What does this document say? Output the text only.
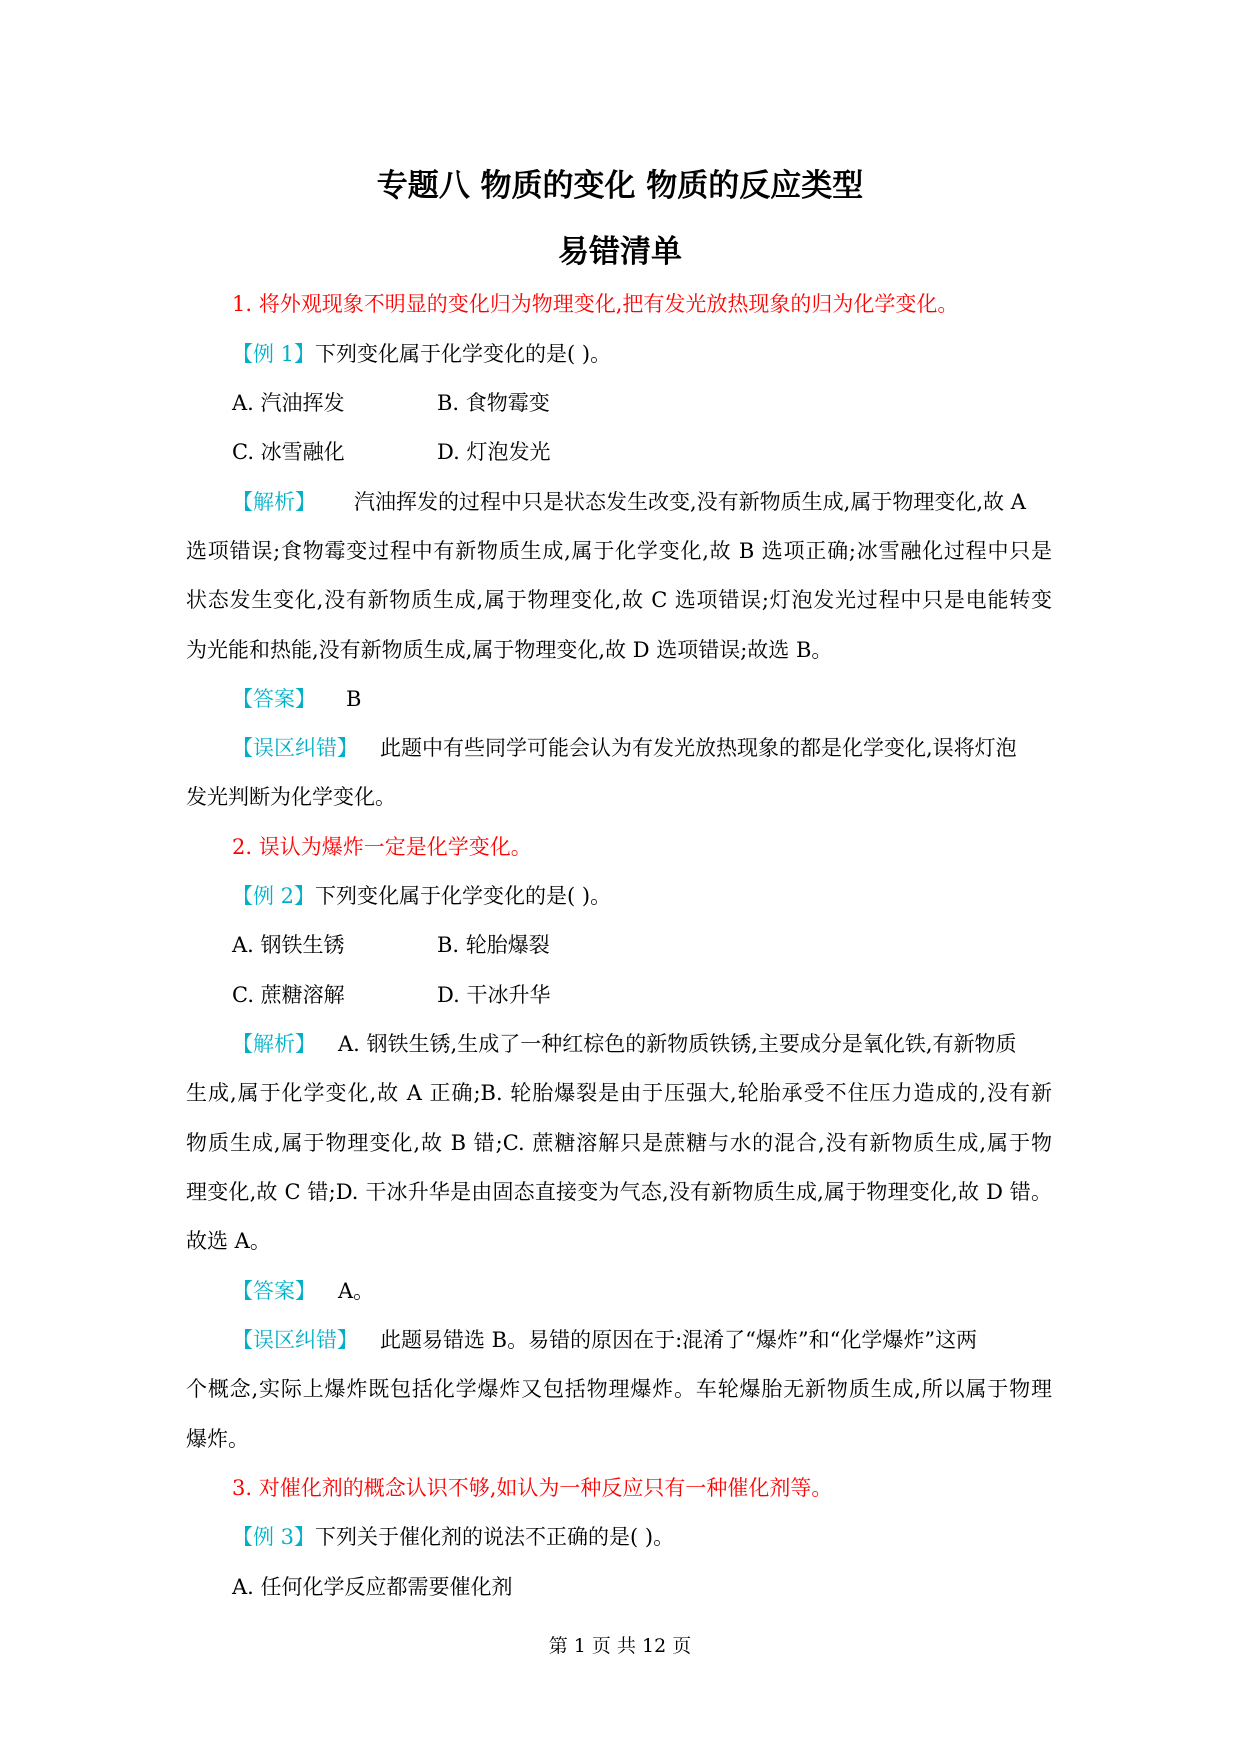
专题八 物质的变化 物质的反应类型
易错清单
1. 将外观现象不明显的变化归为物理变化,把有发光放热现象的归为化学变化。
【例 1】下列变化属于化学变化的是( )。
A. 汽油挥发	B. 食物霉变
C. 冰雪融化	D. 灯泡发光
【解析】 汽油挥发的过程中只是状态发生改变,没有新物质生成,属于物理变化,故 A
选项错误;食物霉变过程中有新物质生成,属于化学变化,故 B 选项正确;冰雪融化过程中只是
状态发生变化,没有新物质生成,属于物理变化,故 C 选项错误;灯泡发光过程中只是电能转变
为光能和热能,没有新物质生成,属于物理变化,故 D 选项错误;故选 B。
【答案】 B
【误区纠错】 此题中有些同学可能会认为有发光放热现象的都是化学变化,误将灯泡
发光判断为化学变化。
2. 误认为爆炸一定是化学变化。
【例 2】下列变化属于化学变化的是( )。
A. 钢铁生锈	B. 轮胎爆裂
C. 蔗糖溶解	D. 干冰升华
【解析】 A. 钢铁生锈,生成了一种红棕色的新物质铁锈,主要成分是氧化铁,有新物质
生成,属于化学变化,故 A 正确;B. 轮胎爆裂是由于压强大,轮胎承受不住压力造成的,没有新
物质生成,属于物理变化,故 B 错;C. 蔗糖溶解只是蔗糖与水的混合,没有新物质生成,属于物
理变化,故 C 错;D. 干冰升华是由固态直接变为气态,没有新物质生成,属于物理变化,故 D 错。
故选 A。
【答案】 A。
【误区纠错】 此题易错选 B。易错的原因在于:混淆了“爆炸”和“化学爆炸”这两
个概念,实际上爆炸既包括化学爆炸又包括物理爆炸。车轮爆胎无新物质生成,所以属于物理
爆炸。
3. 对催化剂的概念认识不够,如认为一种反应只有一种催化剂等。
【例 3】下列关于催化剂的说法不正确的是( )。
A. 任何化学反应都需要催化剂
第 1 页 共 12 页
